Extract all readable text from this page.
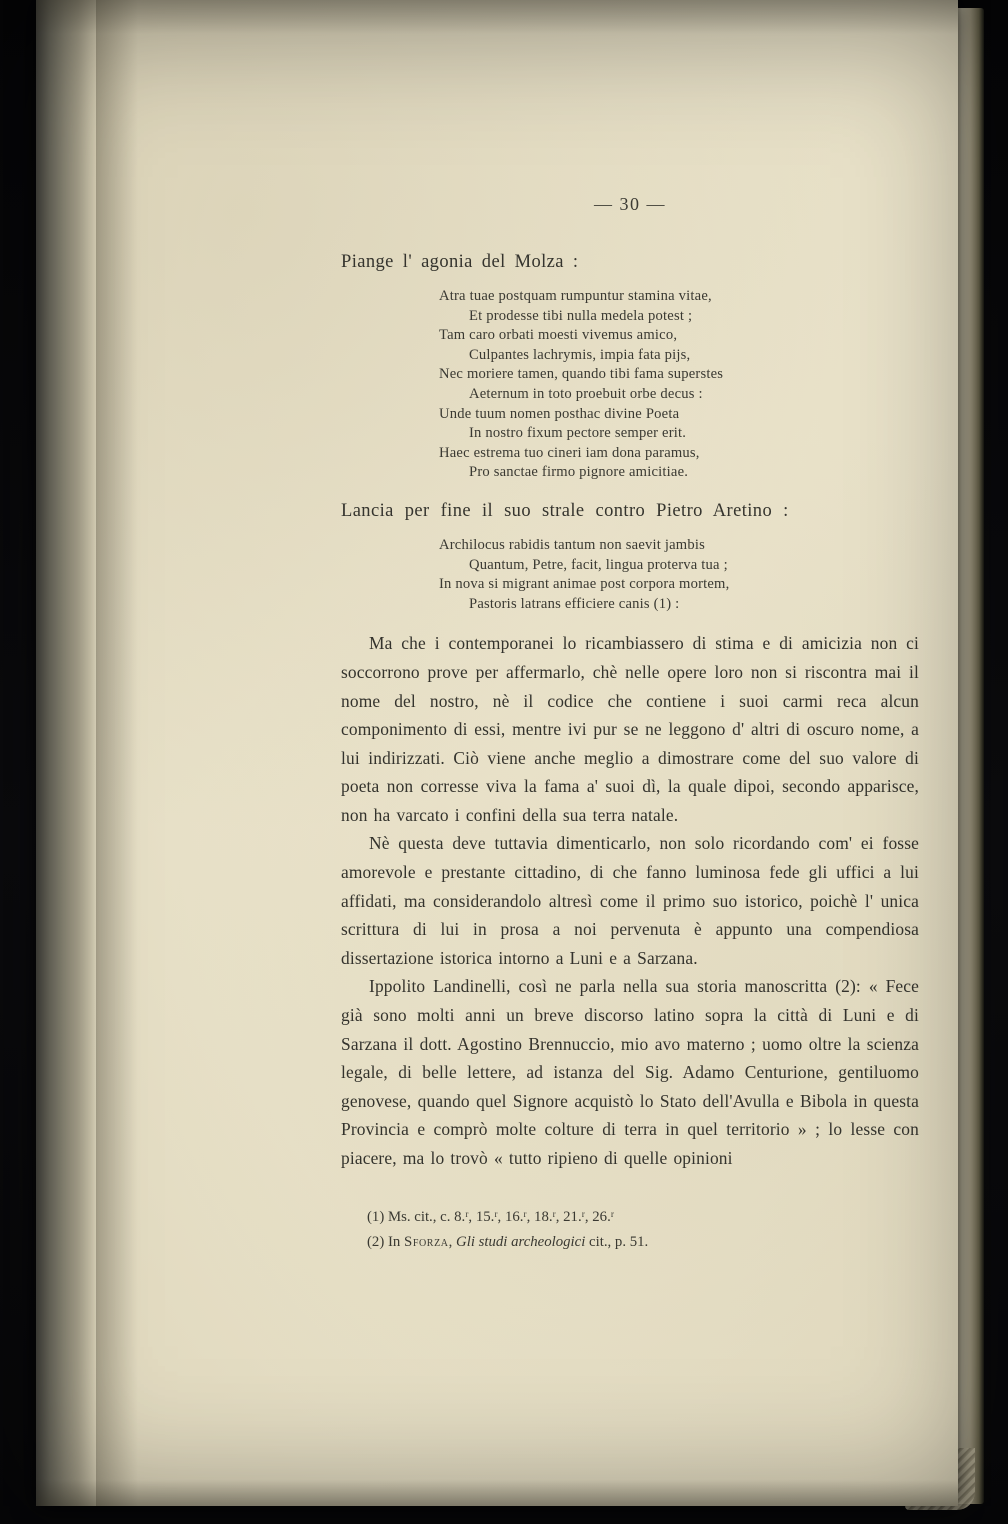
— 30 —
Piange l' agonia del Molza :
Atra tuae postquam rumpuntur stamina vitae,
Et prodesse tibi nulla medela potest ;
Tam caro orbati moesti vivemus amico,
Culpantes lachrymis, impia fata pijs,
Nec moriere tamen, quando tibi fama superstes
Aeternum in toto proebuit orbe decus :
Unde tuum nomen posthac divine Poeta
In nostro fixum pectore semper erit.
Haec estrema tuo cineri iam dona paramus,
Pro sanctae firmo pignore amicitiae.
Lancia per fine il suo strale contro Pietro Aretino :
Archilocus rabidis tantum non saevit jambis
Quantum, Petre, facit, lingua proterva tua ;
In nova si migrant animae post corpora mortem,
Pastoris latrans efficiere canis (1) :

Ma che i contemporanei lo ricambiassero di stima e di amicizia non ci soccorrono prove per affermarlo, chè nelle opere loro non si riscontra mai il nome del nostro, nè il codice che contiene i suoi carmi reca alcun componimento di essi, mentre ivi pur se ne leggono d' altri di oscuro nome, a lui indirizzati. Ciò viene anche meglio a dimostrare come del suo valore di poeta non corresse viva la fama a' suoi dì, la quale dipoi, secondo apparisce, non ha varcato i confini della sua terra natale.

Nè questa deve tuttavia dimenticarlo, non solo ricordando com' ei fosse amorevole e prestante cittadino, di che fanno luminosa fede gli uffici a lui affidati, ma considerandolo altresì come il primo suo istorico, poichè l' unica scrittura di lui in prosa a noi pervenuta è appunto una compendiosa dissertazione istorica intorno a Luni e a Sarzana.

Ippolito Landinelli, così ne parla nella sua storia manoscritta (2): « Fece già sono molti anni un breve discorso latino sopra la città di Luni e di Sarzana il dott. Agostino Brennuccio, mio avo materno ; uomo oltre la scienza legale, di belle lettere, ad istanza del Sig. Adamo Centurione, gentiluomo genovese, quando quel Signore acquistò lo Stato dell'Avulla e Bibola in questa Provincia e comprò molte colture di terra in quel territorio » ; lo lesse con piacere, ma lo trovò « tutto ripieno di quelle opinioni

(1) Ms. cit., c. 8.ʳ, 15.ʳ, 16.ʳ, 18.ʳ, 21.ʳ, 26.ʳ
(2) In Sforza, Gli studi archeologici cit., p. 51.
